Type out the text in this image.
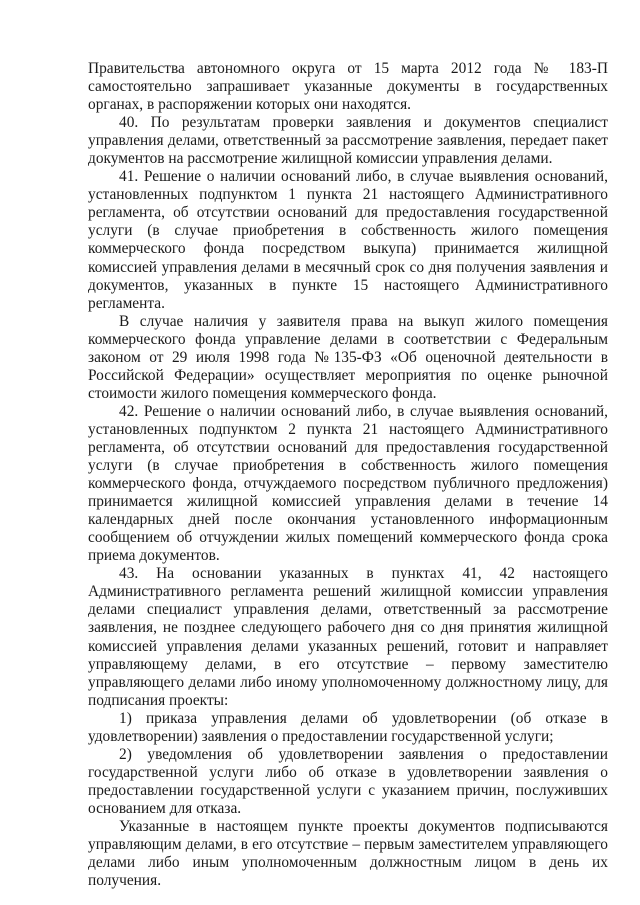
Правительства автономного округа от 15 марта 2012 года № 183-П самостоятельно запрашивает указанные документы в государственных органах, в распоряжении которых они находятся.

40. По результатам проверки заявления и документов специалист управления делами, ответственный за рассмотрение заявления, передает пакет документов на рассмотрение жилищной комиссии управления делами.

41. Решение о наличии оснований либо, в случае выявления оснований, установленных подпунктом 1 пункта 21 настоящего Административного регламента, об отсутствии оснований для предоставления государственной услуги (в случае приобретения в собственность жилого помещения коммерческого фонда посредством выкупа) принимается жилищной комиссией управления делами в месячный срок со дня получения заявления и документов, указанных в пункте 15 настоящего Административного регламента.

В случае наличия у заявителя права на выкуп жилого помещения коммерческого фонда управление делами в соответствии с Федеральным законом от 29 июля 1998 года №135-ФЗ «Об оценочной деятельности в Российской Федерации» осуществляет мероприятия по оценке рыночной стоимости жилого помещения коммерческого фонда.

42. Решение о наличии оснований либо, в случае выявления оснований, установленных подпунктом 2 пункта 21 настоящего Административного регламента, об отсутствии оснований для предоставления государственной услуги (в случае приобретения в собственность жилого помещения коммерческого фонда, отчуждаемого посредством публичного предложения) принимается жилищной комиссией управления делами в течение 14 календарных дней после окончания установленного информационным сообщением об отчуждении жилых помещений коммерческого фонда срока приема документов.

43. На основании указанных в пунктах 41, 42 настоящего Административного регламента решений жилищной комиссии управления делами специалист управления делами, ответственный за рассмотрение заявления, не позднее следующего рабочего дня со дня принятия жилищной комиссией управления делами указанных решений, готовит и направляет управляющему делами, в его отсутствие – первому заместителю управляющего делами либо иному уполномоченному должностному лицу, для подписания проекты:

1) приказа управления делами об удовлетворении (об отказе в удовлетворении) заявления о предоставлении государственной услуги;

2) уведомления об удовлетворении заявления о предоставлении государственной услуги либо об отказе в удовлетворении заявления о предоставлении государственной услуги с указанием причин, послуживших основанием для отказа.

Указанные в настоящем пункте проекты документов подписываются управляющим делами, в его отсутствие – первым заместителем управляющего делами либо иным уполномоченным должностным лицом в день их получения.
